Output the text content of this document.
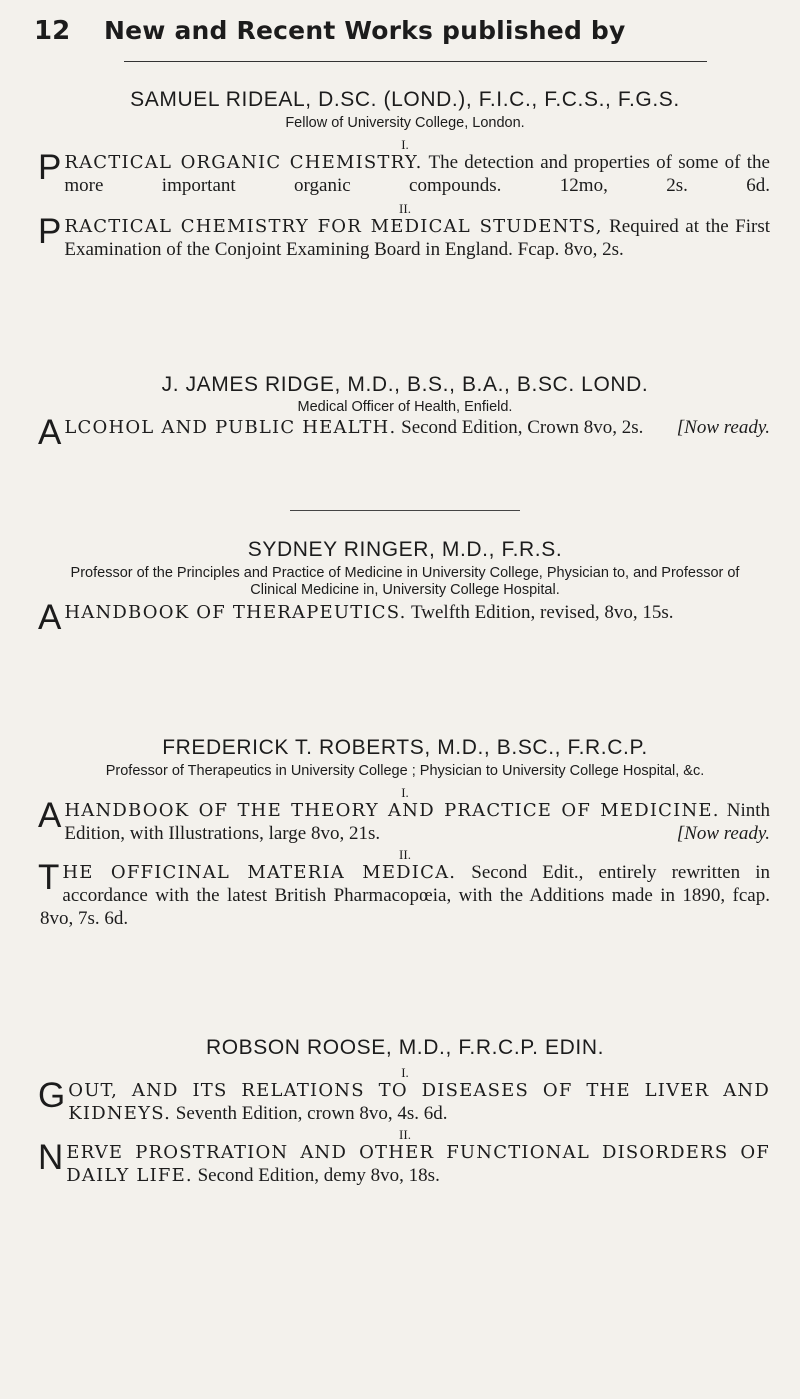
12 New and Recent Works published by
SAMUEL RIDEAL, D.SC. (LOND.), F.I.C., F.C.S., F.G.S.
Fellow of University College, London.
I.
P RACTICAL ORGANIC CHEMISTRY. The detection and properties of some of the more important organic compounds. 12mo, 2s. 6d.
II.
P RACTICAL CHEMISTRY FOR MEDICAL STUDENTS, Required at the First Examination of the Conjoint Examining Board in England. Fcap. 8vo, 2s.
J. JAMES RIDGE, M.D., B.S., B.A., B.SC. LOND.
Medical Officer of Health, Enfield.
A LCOHOL AND PUBLIC HEALTH. Second Edition, Crown 8vo, 2s. [Now ready.
SYDNEY RINGER, M.D., F.R.S.
Professor of the Principles and Practice of Medicine in University College, Physician to, and Professor of Clinical Medicine in, University College Hospital.
A HANDBOOK OF THERAPEUTICS. Twelfth Edition, revised, 8vo, 15s.
FREDERICK T. ROBERTS, M.D., B.SC., F.R.C.P.
Professor of Therapeutics in University College ; Physician to University College Hospital, &c.
I.
A HANDBOOK OF THE THEORY AND PRACTICE OF MEDICINE. Ninth Edition, with Illustrations, large 8vo, 21s.	[Now ready.
II.
T HE OFFICINAL MATERIA MEDICA. Second Edit., entirely rewritten in accordance with the latest British Pharmacopœia, with the Additions made in 1890, fcap. 8vo, 7s. 6d.
ROBSON ROOSE, M.D., F.R.C.P. EDIN.
I.
G OUT, AND ITS RELATIONS TO DISEASES OF THE LIVER AND KIDNEYS. Seventh Edition, crown 8vo, 4s. 6d.
II.
N ERVE PROSTRATION AND OTHER FUNCTIONAL DISORDERS OF DAILY LIFE. Second Edition, demy 8vo, 18s.
